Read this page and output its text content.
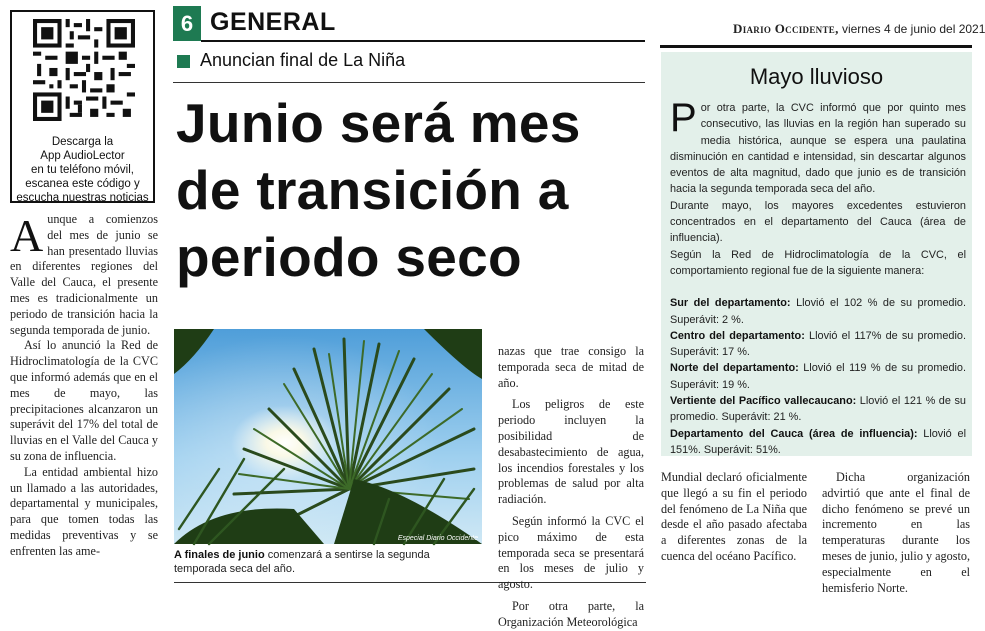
6 GENERAL	Diario Occidente, viernes 4 de junio del 2021
Descarga la
App AudioLector
en tu teléfono móvil,
escanea este código y
escucha nuestras noticias
Anuncian final de La Niña
Junio será mes
de transición a
periodo seco

Aunque a comienzos del mes de junio se han presentado lluvias en diferentes regiones del Valle del Cauca, el presente mes es tradicionalmente un periodo de transición hacia la segunda temporada de junio.

Así lo anunció la Red de Hidroclimatología de la CVC que informó además que en el mes de mayo, las precipitaciones alcanzaron un superávit del 17% del total de lluvias en el Valle del Cauca y su zona de influencia.

La entidad ambiental hizo un llamado a las autoridades, departamental y municipales, para que tomen todas las medidas preventivas y se enfrenten las ame-

Especial Diario Occidente
A finales de junio comenzará a sentirse la segunda temporada seca del año.

nazas que trae consigo la temporada seca de mitad de año.

Los peligros de este periodo incluyen la posibilidad de desabastecimiento de agua, los incendios forestales y los problemas de salud por alta radiación.

Según informó la CVC el pico máximo de esta temporada seca se presentará en los meses de julio y agosto.

Por otra parte, la Organización Meteorológica

Mayo lluvioso

Por otra parte, la CVC informó que por quinto mes consecutivo, las lluvias en la región han superado su media histórica, aunque se espera una paulatina disminución en cantidad e intensidad, sin descartar algunos eventos de alta magnitud, dado que junio es de transición hacia la segunda temporada seca del año.

Durante mayo, los mayores excedentes estuvieron concentrados en el departamento del Cauca (área de influencia).

Según la Red de Hidroclimatología de la CVC, el comportamiento regional fue de la siguiente manera:

Sur del departamento: Llovió el 102 % de su promedio. Superávit: 2 %.
Centro del departamento: Llovió el 117% de su promedio. Superávit: 17 %.
Norte del departamento: Llovió el 119 % de su promedio. Superávit: 19 %.
Vertiente del Pacífico vallecaucano: Llovió el 121 % de su promedio. Superávit: 21 %.
Departamento del Cauca (área de influencia): Llovió el 151%. Superávit: 51%.

Mundial declaró oficialmente que llegó a su fin el periodo del fenómeno de La Niña que desde el año pasado afectaba a diferentes zonas de la cuenca del océano Pacífico.

Dicha organización advirtió que ante el final de dicho fenómeno se prevé un incremento en las temperaturas durante los meses de junio, julio y agosto, especialmente en el hemisferio Norte.
